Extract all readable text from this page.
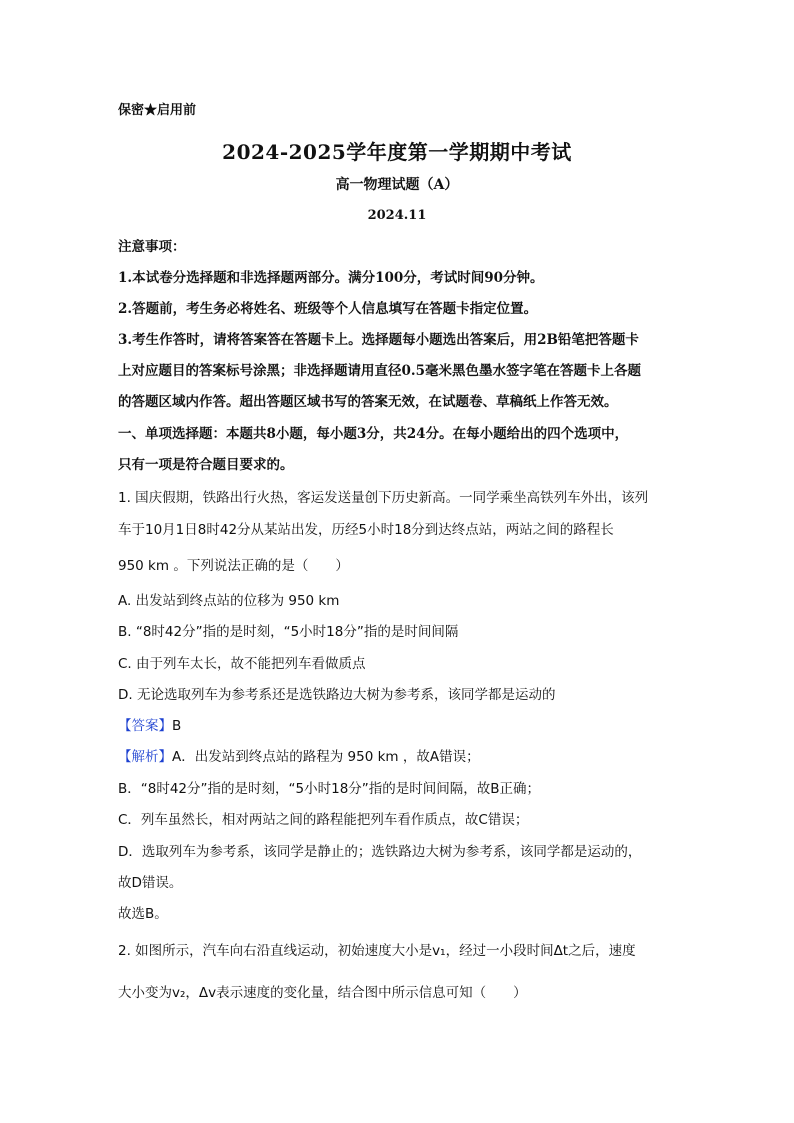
保密★启用前
2024-2025学年度第一学期期中考试
高一物理试题（A）
2024.11
注意事项：
1.本试卷分选择题和非选择题两部分。满分100分，考试时间90分钟。
2.答题前，考生务必将姓名、班级等个人信息填写在答题卡指定位置。
3.考生作答时，请将答案答在答题卡上。选择题每小题选出答案后，用2B铅笔把答题卡
上对应题目的答案标号涂黑；非选择题请用直径0.5毫米黑色墨水签字笔在答题卡上各题
的答题区域内作答。超出答题区域书写的答案无效，在试题卷、草稿纸上作答无效。
一、单项选择题：本题共8小题，每小题3分，共24分。在每小题给出的四个选项中，
只有一项是符合题目要求的。
1. 国庆假期，铁路出行火热，客运发送量创下历史新高。一同学乘坐高铁列车外出，该列
车于10月1日8时42分从某站出发，历经5小时18分到达终点站，两站之间的路程长
950 km 。下列说法正确的是（　　）
A. 出发站到终点站的位移为 950 km
B. “8时42分”指的是时刻，“5小时18分”指的是时间间隔
C. 由于列车太长，故不能把列车看做质点
D. 无论选取列车为参考系还是选铁路边大树为参考系，该同学都是运动的
【答案】B
【解析】A．出发站到终点站的路程为 950 km ，故A错误；
B．“8时42分”指的是时刻，“5小时18分”指的是时间间隔，故B正确；
C．列车虽然长，相对两站之间的路程能把列车看作质点，故C错误；
D．选取列车为参考系，该同学是静止的；选铁路边大树为参考系，该同学都是运动的，
故D错误。
故选B。
2. 如图所示，汽车向右沿直线运动，初始速度大小是v₁，经过一小段时间Δt之后，速度
大小变为v₂，Δv表示速度的变化量，结合图中所示信息可知（　　）
